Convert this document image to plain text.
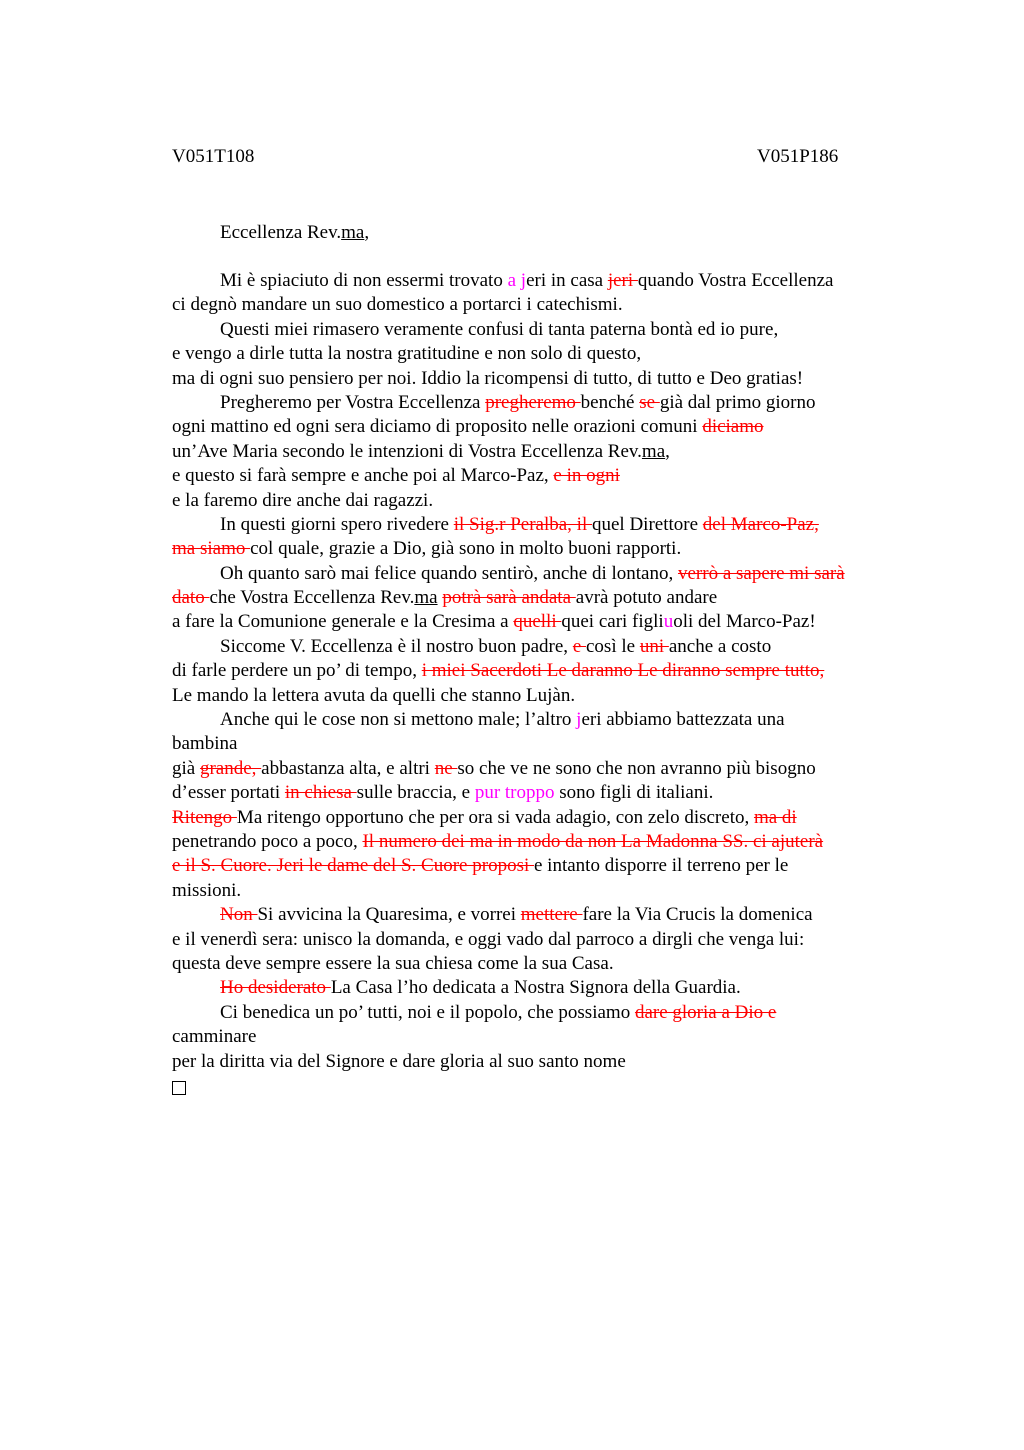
V051T108	V051P186
Eccellenza Rev.ma,
Mi è spiaciuto di non essermi trovato a jeri in casa jeri quando Vostra Eccellenza
ci degnò mandare un suo domestico a portarci i catechismi.
Questi miei rimasero veramente confusi di tanta paterna bontà ed io pure,
e vengo a dirle tutta la nostra gratitudine e non solo di questo,
ma di ogni suo pensiero per noi. Iddio la ricompensi di tutto, di tutto e Deo gratias!
Pregheremo per Vostra Eccellenza pregheremo benché se già dal primo giorno
ogni mattino ed ogni sera diciamo di proposito nelle orazioni comuni diciamo
un’Ave Maria secondo le intenzioni di Vostra Eccellenza Rev.ma,
e questo si farà sempre e anche poi al Marco-Paz, e in ogni
e la faremo dire anche dai ragazzi.
In questi giorni spero rivedere il Sig.r Peralba, il quel Direttore del Marco-Paz,
ma siamo col quale, grazie a Dio, già sono in molto buoni rapporti.
Oh quanto sarò mai felice quando sentirò, anche di lontano, verrò a sapere mi sarà
dato che Vostra Eccellenza Rev.ma potrà sarà andata avrà potuto andare
a fare la Comunione generale e la Cresima a quelli quei cari figliuoli del Marco-Paz!
Siccome V. Eccellenza è il nostro buon padre, e così le uni anche a costo
di farle perdere un po’ di tempo, i miei Sacerdoti Le daranno Le diranno sempre tutto,
Le mando la lettera avuta da quelli che stanno Lujàn.
Anche qui le cose non si mettono male; l’altro jeri abbiamo battezzata una
bambina
già grande, abbastanza alta, e altri ne so che ve ne sono che non avranno più bisogno
d’esser portati in chiesa sulle braccia, e pur troppo sono figli di italiani.
Ritengo Ma ritengo opportuno che per ora si vada adagio, con zelo discreto, ma di
penetrando poco a poco, Il numero dei ma in modo da non La Madonna SS. ci ajuterà
e il S. Cuore. Jeri le dame del S. Cuore proposi e intanto disporre il terreno per le
missioni.
Non Si avvicina la Quaresima, e vorrei mettere fare la Via Crucis la domenica
e il venerdì sera: unisco la domanda, e oggi vado dal parroco a dirgli che venga lui:
questa deve sempre essere la sua chiesa come la sua Casa.
Ho desiderato La Casa l’ho dedicata a Nostra Signora della Guardia.
Ci benedica un po’ tutti, noi e il popolo, che possiamo dare gloria a Dio e
camminare
per la diritta via del Signore e dare gloria al suo santo nome
